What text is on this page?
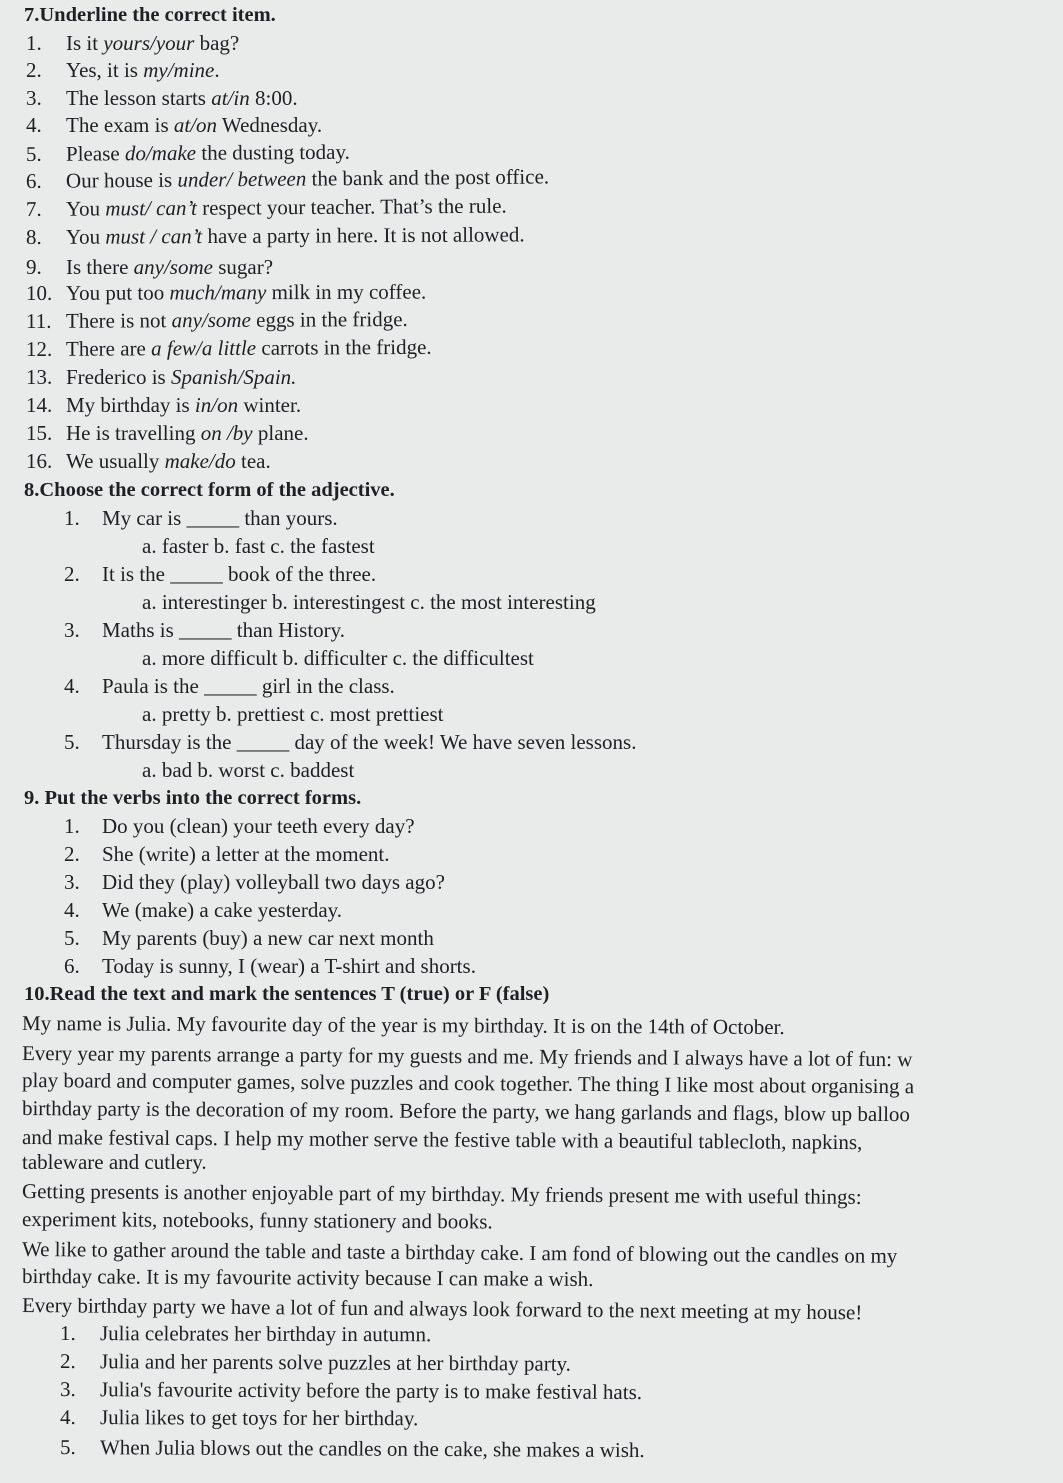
7.Underline the correct item.
1. Is it yours/your bag?
2. Yes, it is my/mine.
3. The lesson starts at/in 8:00.
4. The exam is at/on Wednesday.
5. Please do/make the dusting today.
6. Our house is under/ between the bank and the post office.
7. You must/ can’t respect your teacher. That’s the rule.
8. You must / can’t have a party in here. It is not allowed.
9. Is there any/some sugar?
10. You put too much/many milk in my coffee.
11. There is not any/some eggs in the fridge.
12. There are a few/a little carrots in the fridge.
13. Frederico is Spanish/Spain.
14. My birthday is in/on winter.
15. He is travelling on /by plane.
16. We usually make/do tea.
8.Choose the correct form of the adjective.
1. My car is _____ than yours.
a. faster b. fast c. the fastest
2. It is the _____ book of the three.
a. interestinger b. interestingest c. the most interesting
3. Maths is _____ than History.
a. more difficult b. difficulter c. the difficultest
4. Paula is the _____ girl in the class.
a. pretty b. prettiest c. most prettiest
5. Thursday is the _____ day of the week! We have seven lessons.
a. bad b. worst c. baddest
9. Put the verbs into the correct forms.
1. Do you (clean) your teeth every day?
2. She (write) a letter at the moment.
3. Did they (play) volleyball two days ago?
4. We (make) a cake yesterday.
5. My parents (buy) a new car next month
6. Today is sunny, I (wear) a T-shirt and shorts.
10.Read the text and mark the sentences T (true) or F (false)
My name is Julia. My favourite day of the year is my birthday. It is on the 14th of October.
Every year my parents arrange a party for my guests and me. My friends and I always have a lot of fun: w
play board and computer games, solve puzzles and cook together. The thing I like most about organising a
birthday party is the decoration of my room. Before the party, we hang garlands and flags, blow up balloo
and make festival caps. I help my mother serve the festive table with a beautiful tablecloth, napkins,
tableware and cutlery.
Getting presents is another enjoyable part of my birthday. My friends present me with useful things:
experiment kits, notebooks, funny stationery and books.
We like to gather around the table and taste a birthday cake. I am fond of blowing out the candles on my
birthday cake. It is my favourite activity because I can make a wish.
Every birthday party we have a lot of fun and always look forward to the next meeting at my house!
1. Julia celebrates her birthday in autumn.
2. Julia and her parents solve puzzles at her birthday party.
3. Julia's favourite activity before the party is to make festival hats.
4. Julia likes to get toys for her birthday.
5. When Julia blows out the candles on the cake, she makes a wish.
